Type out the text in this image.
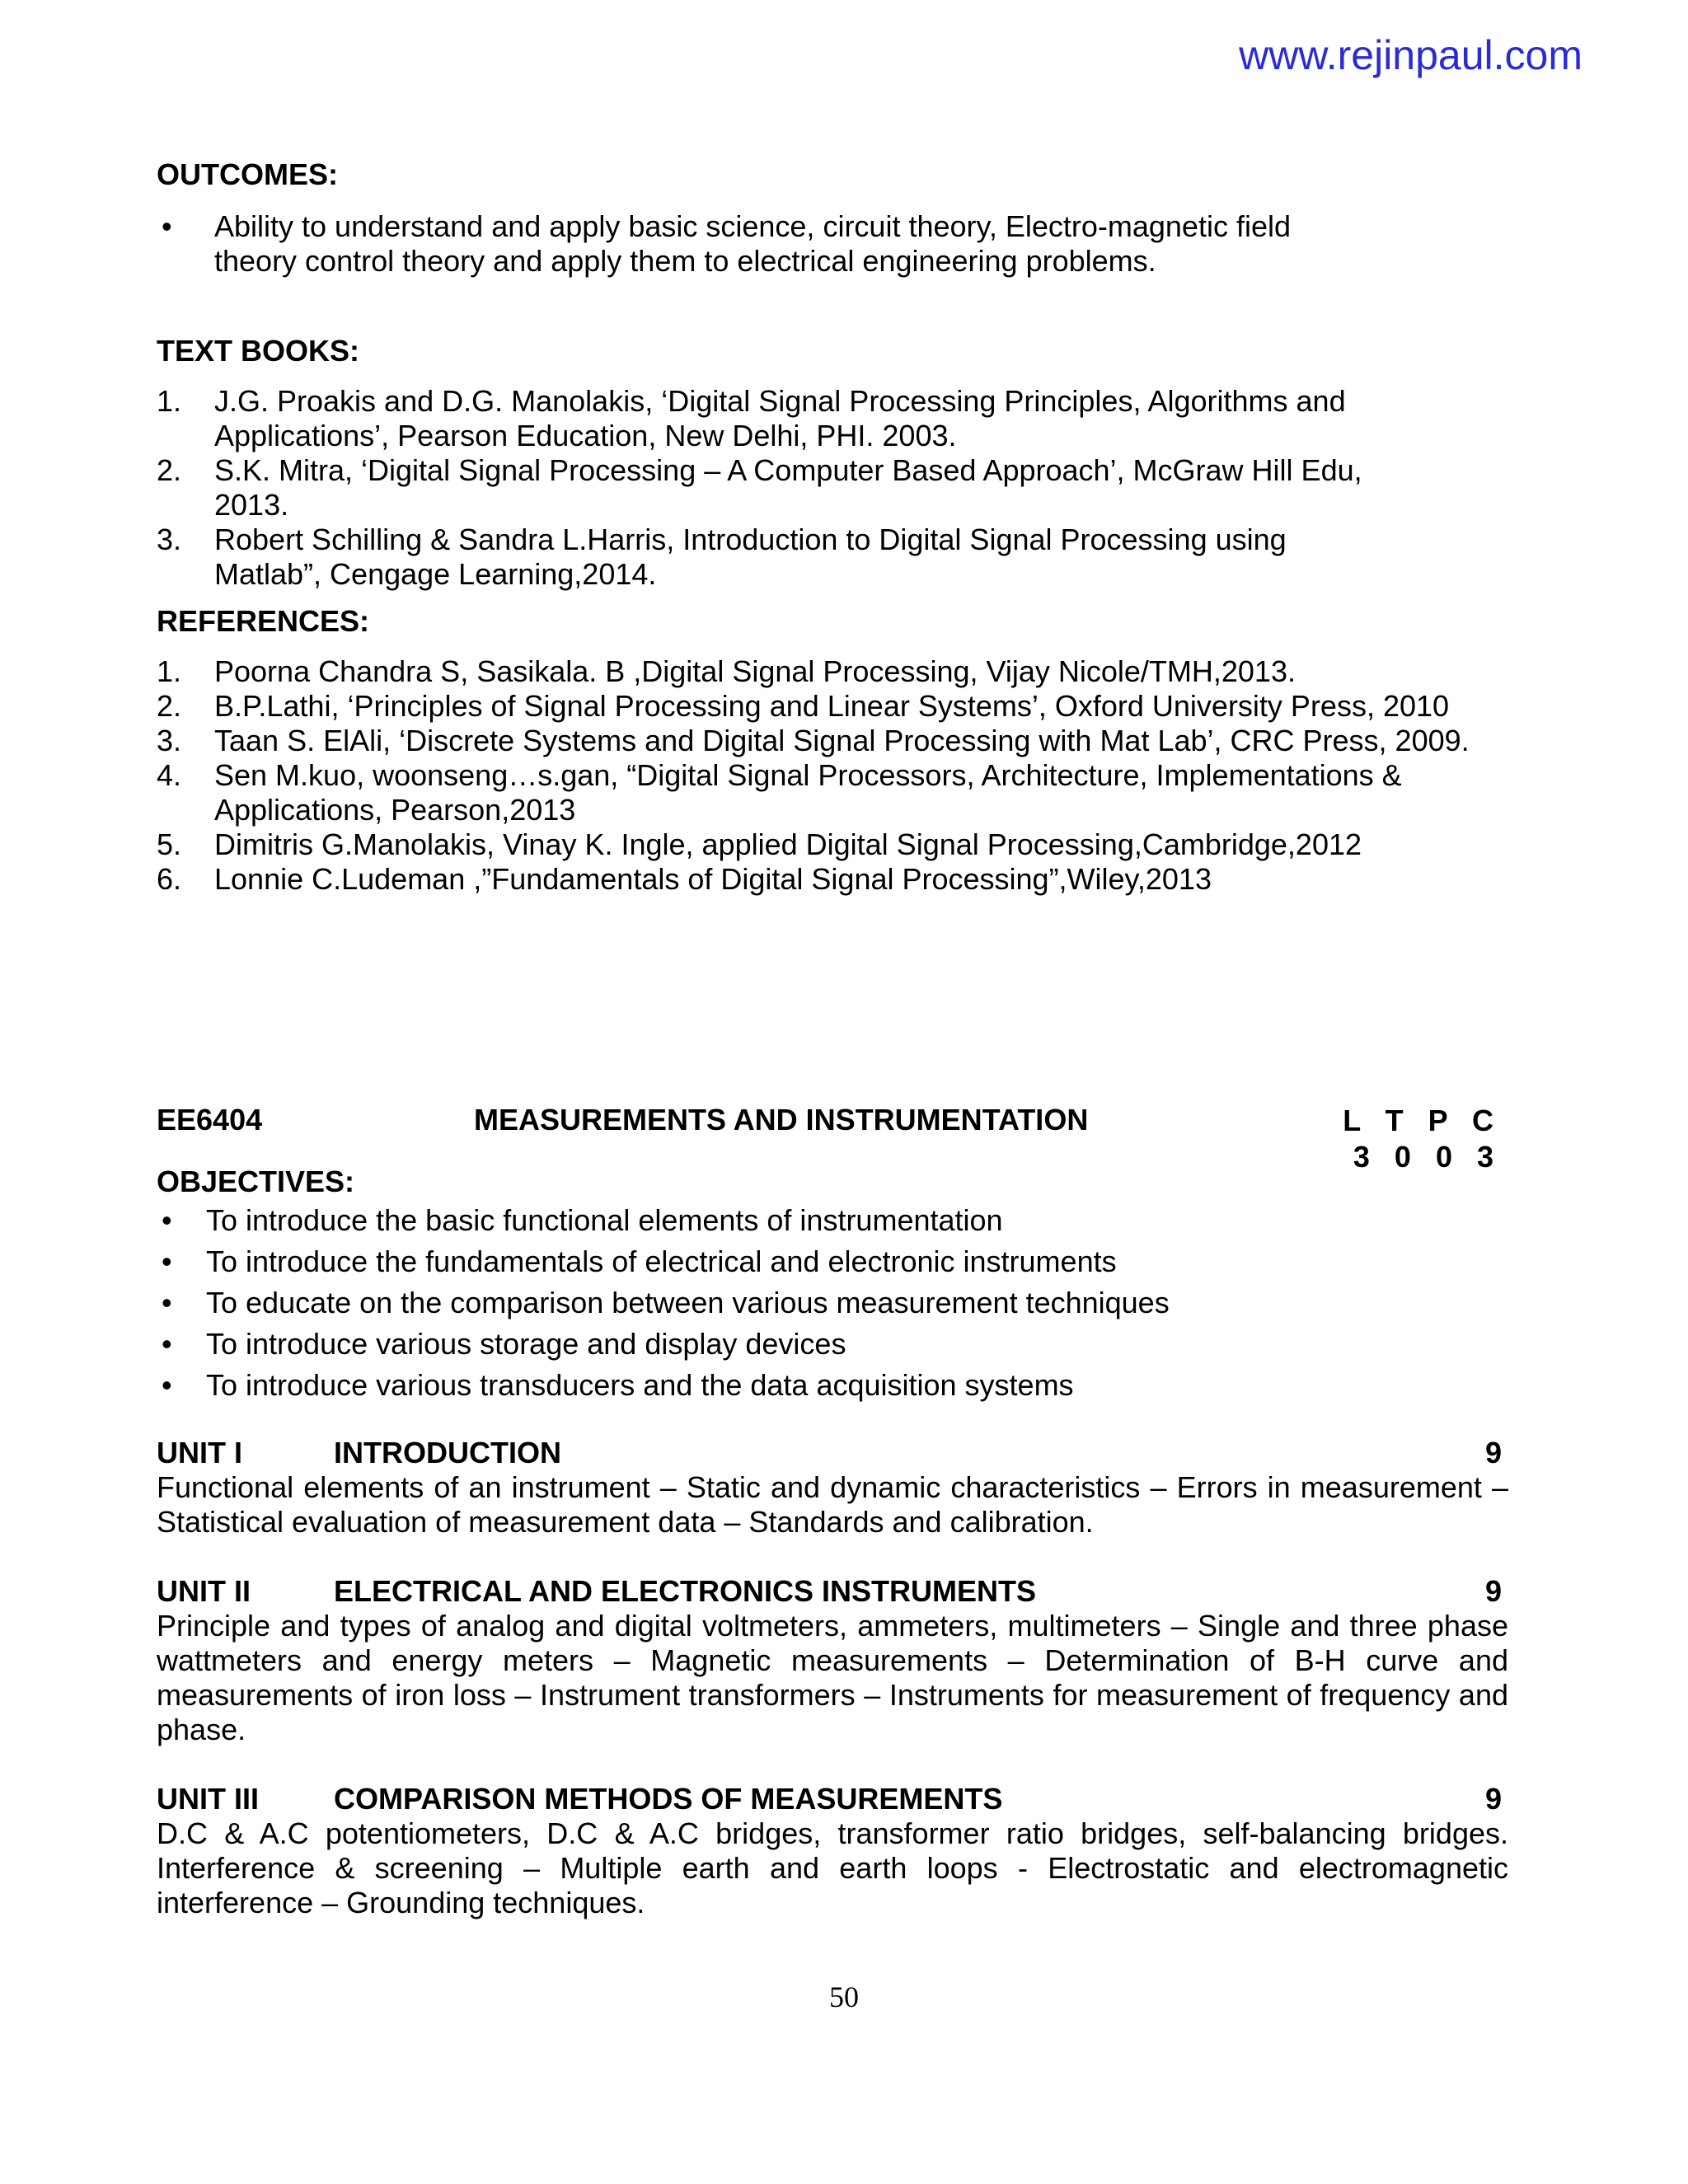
www.rejinpaul.com
OUTCOMES:
• Ability to understand and apply basic science, circuit theory, Electro-magnetic field theory control theory and apply them to electrical engineering problems.
TEXT BOOKS:
1. J.G. Proakis and D.G. Manolakis, ‘Digital Signal Processing Principles, Algorithms and Applications’, Pearson Education, New Delhi, PHI. 2003.
2. S.K. Mitra, ‘Digital Signal Processing – A Computer Based Approach’, McGraw Hill Edu, 2013.
3. Robert Schilling & Sandra L.Harris, Introduction to Digital Signal Processing using Matlab”, Cengage Learning,2014.
REFERENCES:
1. Poorna Chandra S, Sasikala. B ,Digital Signal Processing, Vijay Nicole/TMH,2013.
2. B.P.Lathi, ‘Principles of Signal Processing and Linear Systems’, Oxford University Press, 2010
3. Taan S. ElAli, ‘Discrete Systems and Digital Signal Processing with Mat Lab’, CRC Press, 2009.
4. Sen M.kuo, woonseng…s.gan, “Digital Signal Processors, Architecture, Implementations & Applications, Pearson,2013
5. Dimitris G.Manolakis, Vinay K. Ingle, applied Digital Signal Processing,Cambridge,2012
6. Lonnie C.Ludeman ,”Fundamentals of Digital Signal Processing”,Wiley,2013
EE6404	MEASUREMENTS AND INSTRUMENTATION	L T P C
3 0 0 3
OBJECTIVES:
• To introduce the basic functional elements of instrumentation
• To introduce the fundamentals of electrical and electronic instruments
• To educate on the comparison between various measurement techniques
• To introduce various storage and display devices
• To introduce various transducers and the data acquisition systems
UNIT I	INTRODUCTION	9

Functional elements of an instrument – Static and dynamic characteristics – Errors in measurement – Statistical evaluation of measurement data – Standards and calibration.

UNIT II	ELECTRICAL AND ELECTRONICS INSTRUMENTS	9

Principle and types of analog and digital voltmeters, ammeters, multimeters – Single and three phase wattmeters and energy meters – Magnetic measurements – Determination of B-H curve and measurements of iron loss – Instrument transformers – Instruments for measurement of frequency and phase.

UNIT III	COMPARISON METHODS OF MEASUREMENTS	9

D.C & A.C potentiometers, D.C & A.C bridges, transformer ratio bridges, self-balancing bridges. Interference & screening – Multiple earth and earth loops - Electrostatic and electromagnetic interference – Grounding techniques.

50
